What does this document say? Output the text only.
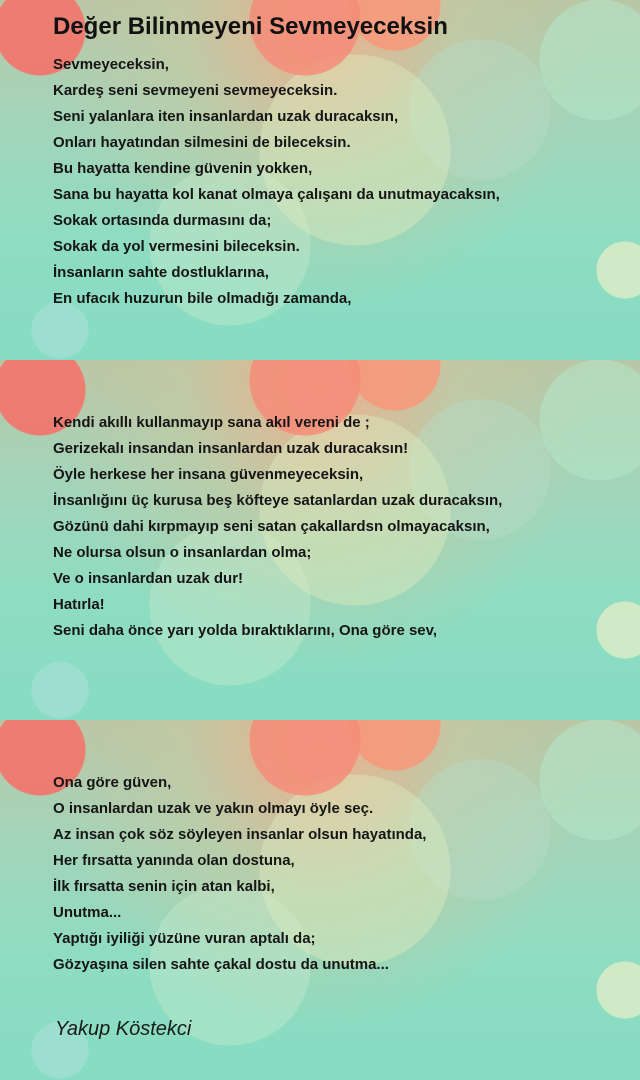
Değer Bilinmeyeni Sevmeyeceksin
Sevmeyeceksin,
Kardeş seni sevmeyeni sevmeyeceksin.
Seni yalanlara iten insanlardan uzak duracaksın,
Onları hayatından silmesini de bileceksin.
Bu hayatta kendine güvenin yokken,
Sana bu hayatta kol kanat olmaya çalışanı da unutmayacaksın,
Sokak ortasında durmasını da;
Sokak da yol vermesini bileceksin.
İnsanların sahte dostluklarına,
En ufacık huzurun bile olmadığı zamanda,
Kendi akıllı kullanmayıp sana akıl vereni de ;
Gerizekalı insandan insanlardan uzak duracaksın!
Öyle herkese her insana güvenmeyeceksin,
İnsanlığını üç kurusa beş köfteye satanlardan uzak duracaksın,
Gözünü dahi kırpmayıp seni satan çakallardsn olmayacaksın,
Ne olursa olsun o insanlardan olma;
Ve o insanlardan uzak dur!
Hatırla!
Seni daha önce yarı yolda bıraktıklarını, Ona göre sev,
Ona göre güven,
O insanlardan uzak ve yakın olmayı öyle seç.
Az insan çok söz söyleyen insanlar olsun hayatında,
Her fırsatta yanında olan dostuna,
İlk fırsatta senin için atan kalbi,
Unutma...
Yaptığı iyiliği yüzüne vuran aptalı da;
Gözyaşına silen sahte çakal dostu da unutma...
Yakup Köstekci
